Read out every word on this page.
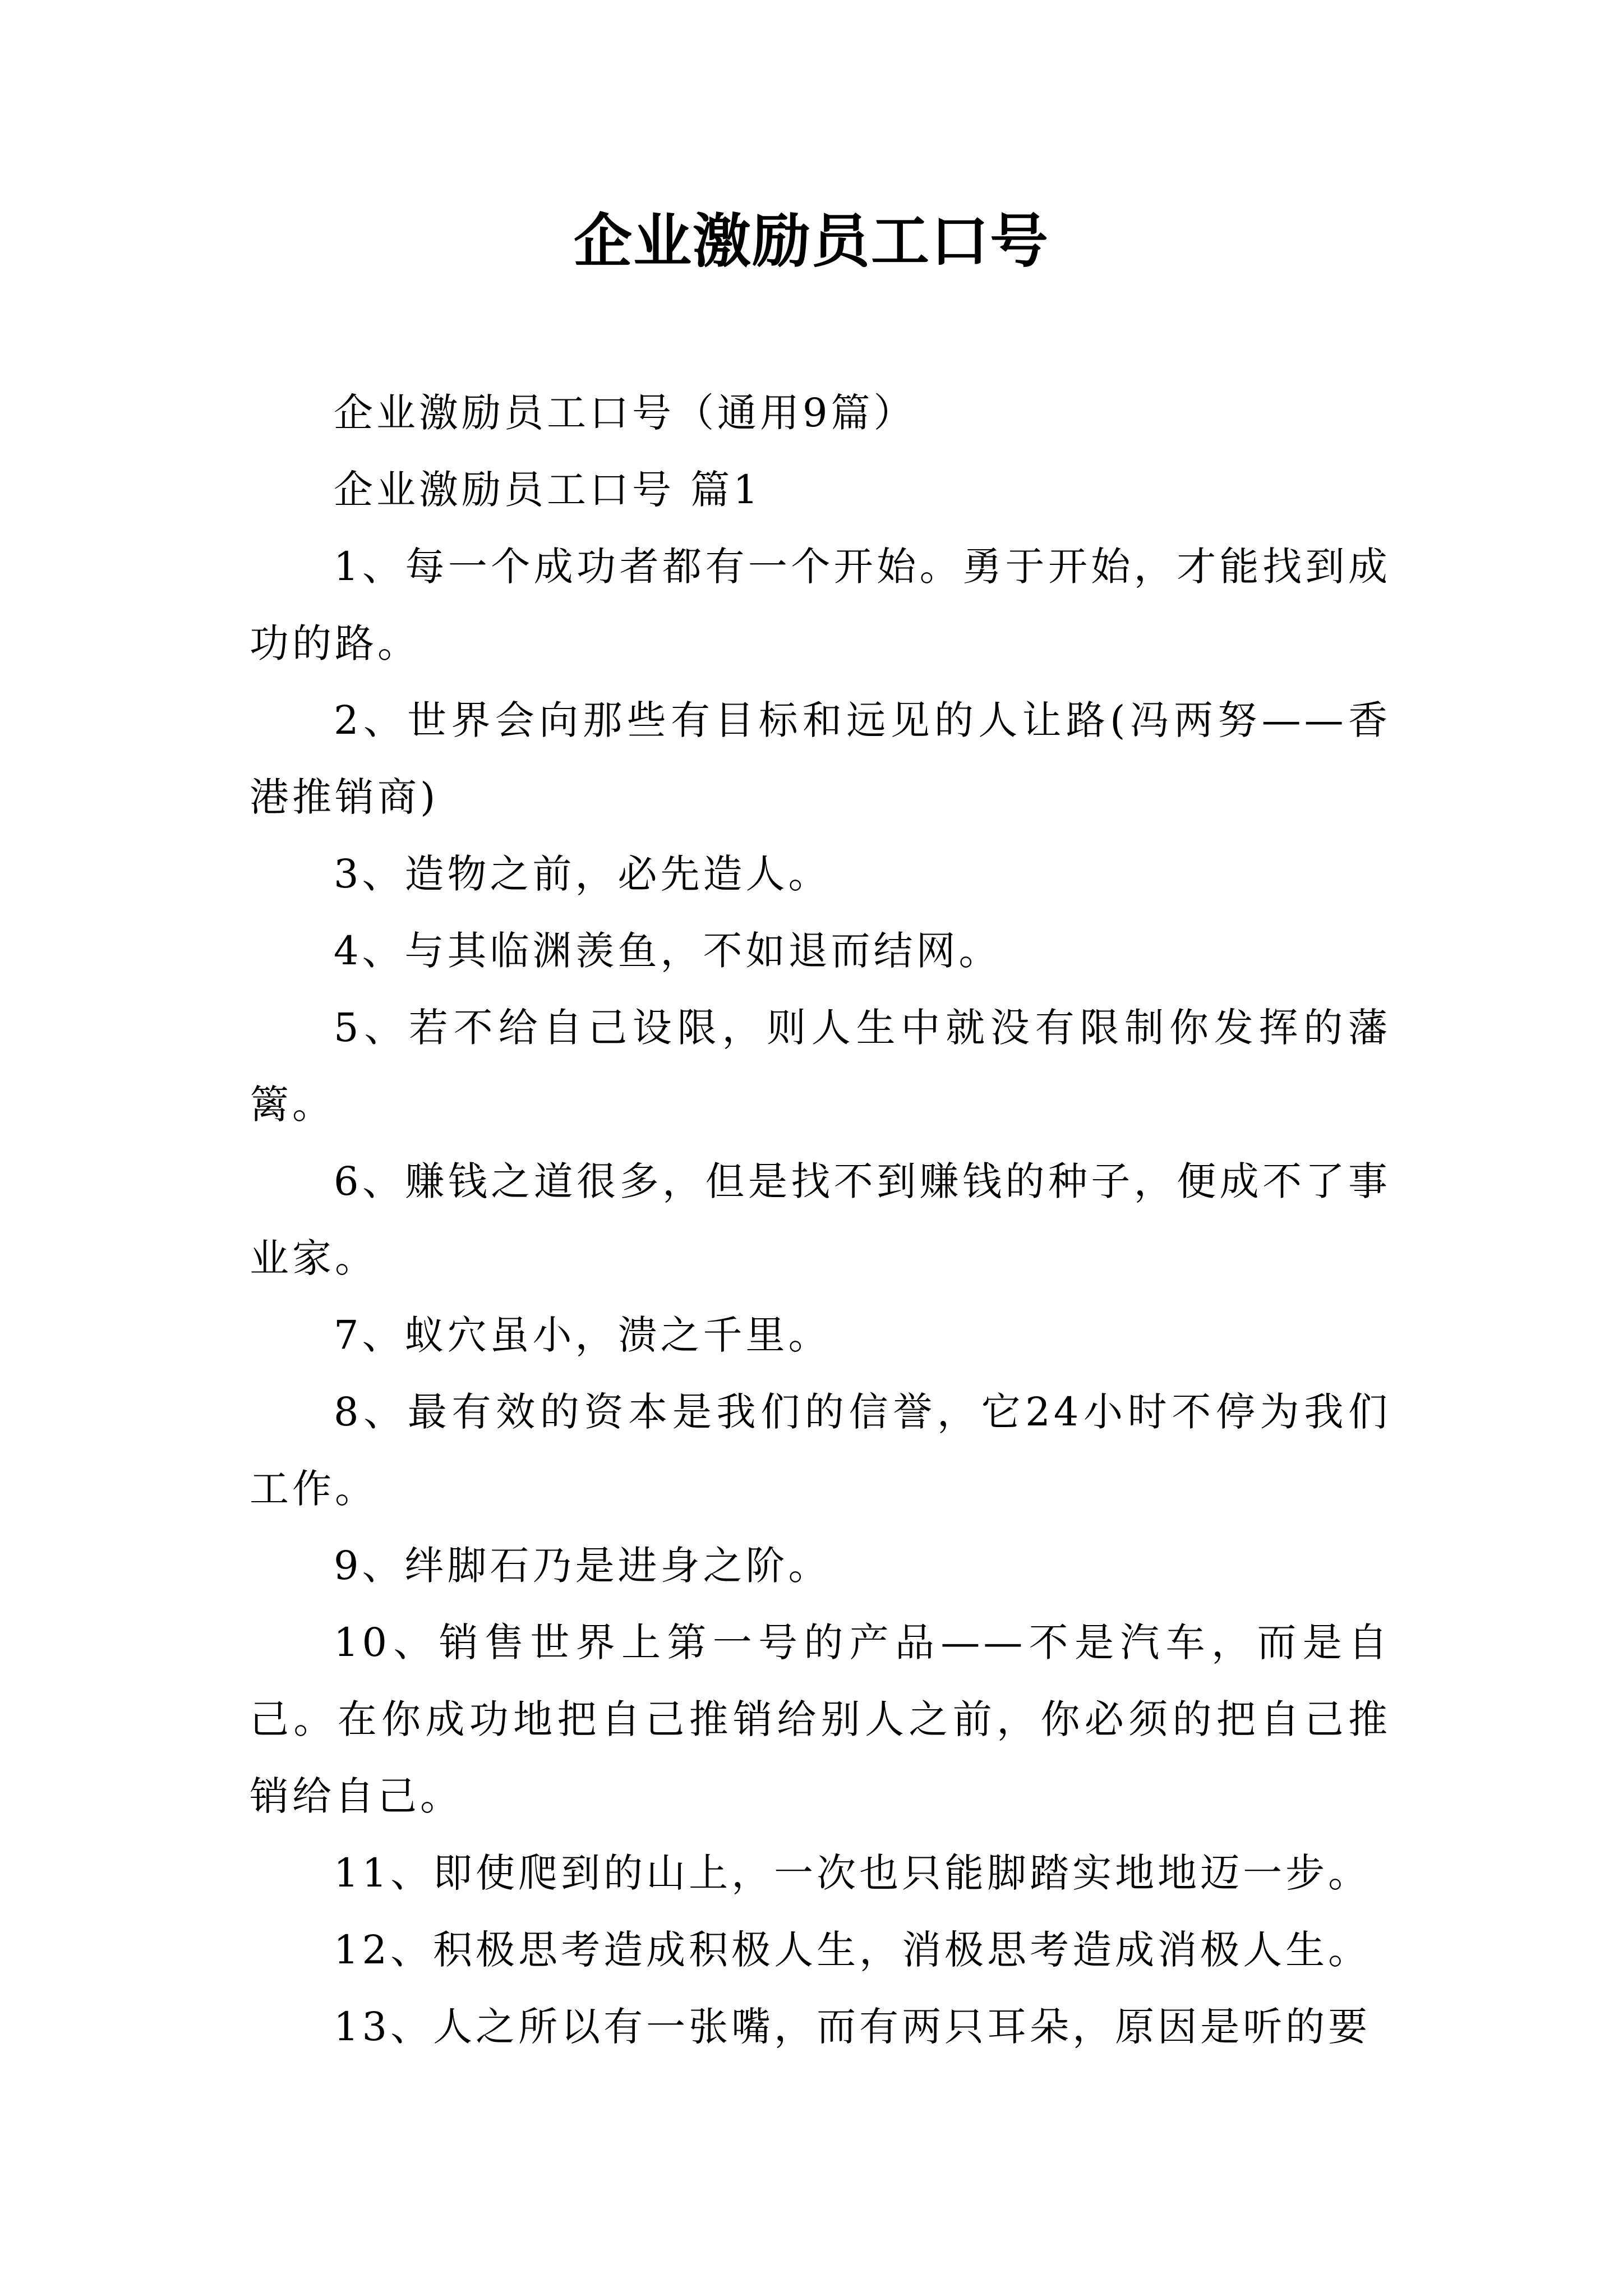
企业激励员工口号

企业激励员工口号（通用9篇）

企业激励员工口号 篇1

1、每一个成功者都有一个开始。勇于开始，才能找到成功的路。

2、世界会向那些有目标和远见的人让路(冯两努——香港推销商)

3、造物之前，必先造人。

4、与其临渊羡鱼，不如退而结网。

5、若不给自己设限，则人生中就没有限制你发挥的藩篱。

6、赚钱之道很多，但是找不到赚钱的种子，便成不了事业家。

7、蚁穴虽小，溃之千里。

8、最有效的资本是我们的信誉，它24小时不停为我们工作。

9、绊脚石乃是进身之阶。

10、销售世界上第一号的产品——不是汽车，而是自己。在你成功地把自己推销给别人之前，你必须的把自己推销给自己。

11、即使爬到的山上，一次也只能脚踏实地地迈一步。

12、积极思考造成积极人生，消极思考造成消极人生。

13、人之所以有一张嘴，而有两只耳朵，原因是听的要
